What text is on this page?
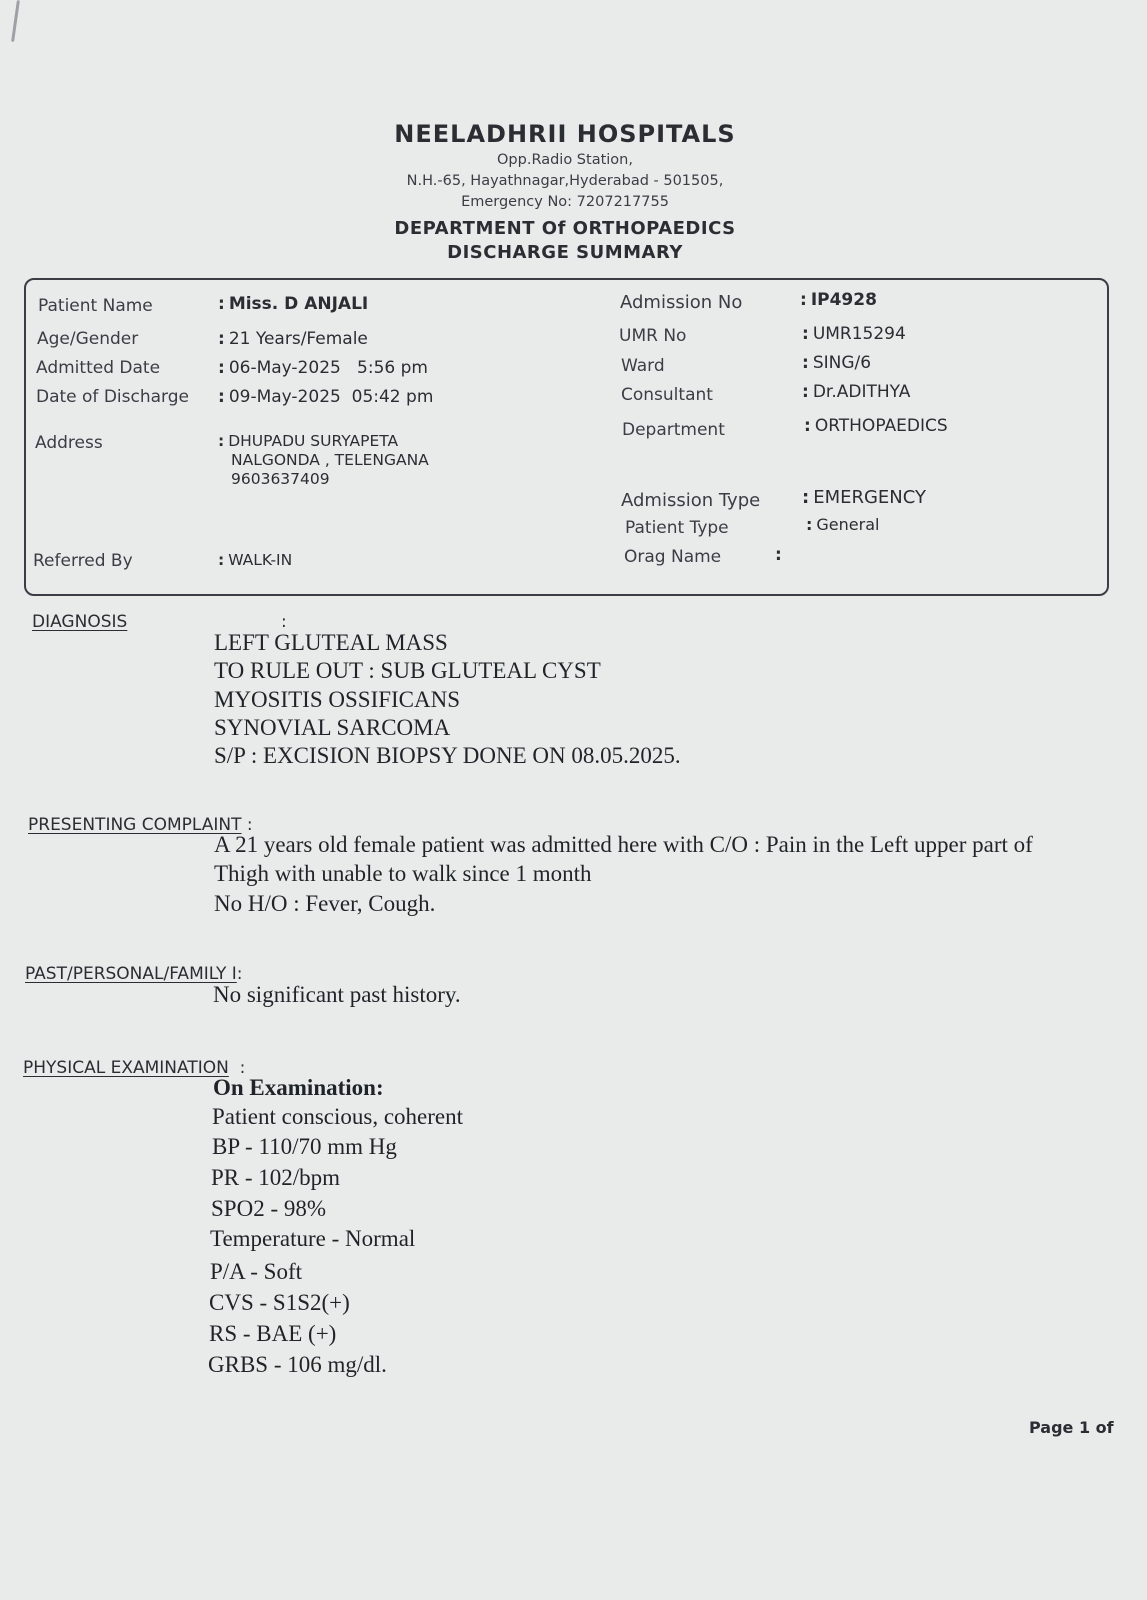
NEELADHRII HOSPITALS
Opp.Radio Station,
N.H.-65, Hayathnagar,Hyderabad - 501505,
Emergency No: 7207217755
DEPARTMENT Of ORTHOPAEDICS
DISCHARGE SUMMARY
Patient Name	: Miss. D ANJALI
Age/Gender	: 21 Years/Female
Admitted Date	: 06-May-2025   5:56 pm
Date of Discharge : 09-May-2025  05:42 pm
Address	: DHUPADU SURYAPETA
NALGONDA , TELENGANA
9603637409
Referred By	: WALK-IN
Admission No	: IP4928
UMR No	: UMR15294
Ward	: SING/6
Consultant	: Dr.ADITHYA
Department	: ORTHOPAEDICS
Admission Type : EMERGENCY
Patient Type	: General
Orag Name	:
DIAGNOSIS	:
LEFT GLUTEAL MASS
TO RULE OUT : SUB GLUTEAL CYST
MYOSITIS OSSIFICANS
SYNOVIAL SARCOMA
S/P : EXCISION BIOPSY DONE ON 08.05.2025.
PRESENTING COMPLAINT :
A 21 years old female patient was admitted here with C/O : Pain in the Left upper part of
Thigh with unable to walk since 1 month
No H/O : Fever, Cough.
PAST/PERSONAL/FAMILY I:
No significant past history.
PHYSICAL EXAMINATION  :
On Examination:
Patient conscious, coherent
BP - 110/70 mm Hg
PR - 102/bpm
SPO2 - 98%
Temperature - Normal
P/A - Soft
CVS - S1S2(+)
RS - BAE (+)
GRBS - 106 mg/dl.
Page 1 of
